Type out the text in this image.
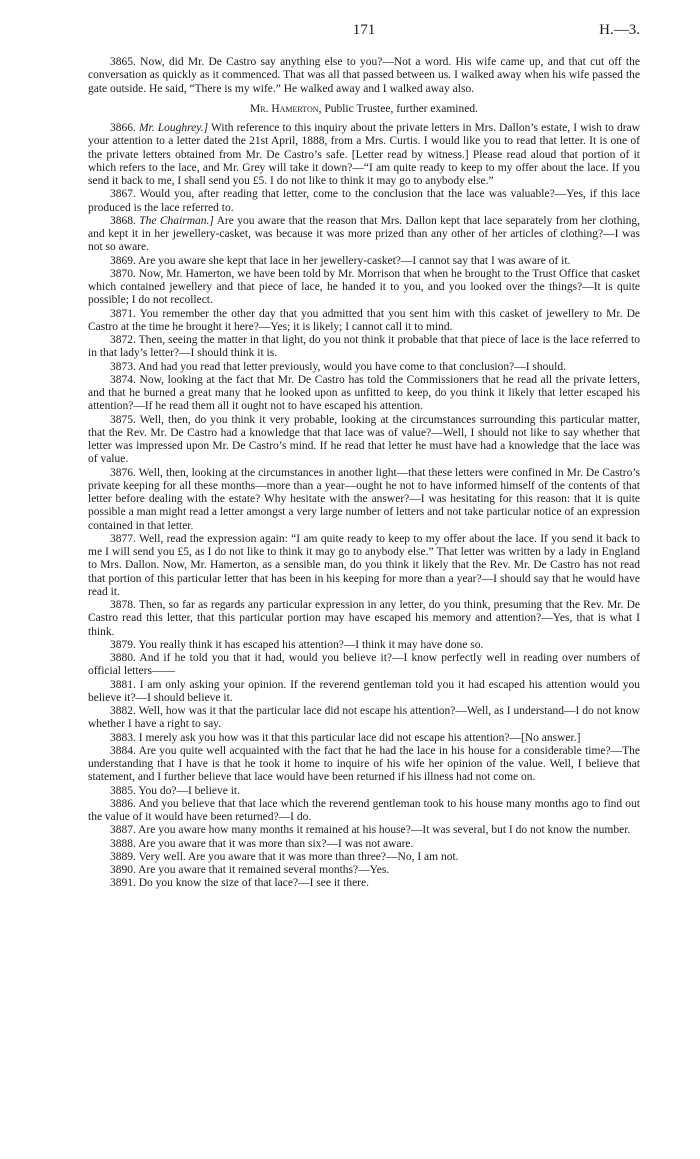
171	H.—3.

3865. Now, did Mr. De Castro say anything else to you?—Not a word. His wife came up, and that cut off the conversation as quickly as it commenced. That was all that passed between us. I walked away when his wife passed the gate outside. He said, “There is my wife.” He walked away and I walked away also.

Mr. Hamerton, Public Trustee, further examined.

3866. Mr. Loughrey.] With reference to this inquiry about the private letters in Mrs. Dallon’s estate, I wish to draw your attention to a letter dated the 21st April, 1888, from a Mrs. Curtis. I would like you to read that letter. It is one of the private letters obtained from Mr. De Castro’s safe. [Letter read by witness.] Please read aloud that portion of it which refers to the lace, and Mr. Grey will take it down?—“I am quite ready to keep to my offer about the lace. If you send it back to me, I shall send you £5. I do not like to think it may go to anybody else.”

3867. Would you, after reading that letter, come to the conclusion that the lace was valuable?—Yes, if this lace produced is the lace referred to.

3868. The Chairman.] Are you aware that the reason that Mrs. Dallon kept that lace separately from her clothing, and kept it in her jewellery-casket, was because it was more prized than any other of her articles of clothing?—I was not so aware.

3869. Are you aware she kept that lace in her jewellery-casket?—I cannot say that I was aware of it.

3870. Now, Mr. Hamerton, we have been told by Mr. Morrison that when he brought to the Trust Office that casket which contained jewellery and that piece of lace, he handed it to you, and you looked over the things?—It is quite possible; I do not recollect.

3871. You remember the other day that you admitted that you sent him with this casket of jewellery to Mr. De Castro at the time he brought it here?—Yes; it is likely; I cannot call it to mind.

3872. Then, seeing the matter in that light, do you not think it probable that that piece of lace is the lace referred to in that lady’s letter?—I should think it is.

3873. And had you read that letter previously, would you have come to that conclusion?—I should.

3874. Now, looking at the fact that Mr. De Castro has told the Commissioners that he read all the private letters, and that he burned a great many that he looked upon as unfitted to keep, do you think it likely that letter escaped his attention?—If he read them all it ought not to have escaped his attention.

3875. Well, then, do you think it very probable, looking at the circumstances surrounding this particular matter, that the Rev. Mr. De Castro had a knowledge that that lace was of value?—Well, I should not like to say whether that letter was impressed upon Mr. De Castro’s mind. If he read that letter he must have had a knowledge that the lace was of value.

3876. Well, then, looking at the circumstances in another light—that these letters were confined in Mr. De Castro’s private keeping for all these months—more than a year—ought he not to have informed himself of the contents of that letter before dealing with the estate? Why hesitate with the answer?—I was hesitating for this reason: that it is quite possible a man might read a letter amongst a very large number of letters and not take particular notice of an expression contained in that letter.

3877. Well, read the expression again: “I am quite ready to keep to my offer about the lace. If you send it back to me I will send you £5, as I do not like to think it may go to anybody else.” That letter was written by a lady in England to Mrs. Dallon. Now, Mr. Hamerton, as a sensible man, do you think it likely that the Rev. Mr. De Castro has not read that portion of this particular letter that has been in his keeping for more than a year?—I should say that he would have read it.

3878. Then, so far as regards any particular expression in any letter, do you think, presuming that the Rev. Mr. De Castro read this letter, that this particular portion may have escaped his memory and attention?—Yes, that is what I think.

3879. You really think it has escaped his attention?—I think it may have done so.

3880. And if he told you that it had, would you believe it?—I know perfectly well in reading over numbers of official letters——

3881. I am only asking your opinion. If the reverend gentleman told you it had escaped his attention would you believe it?—I should believe it.

3882. Well, how was it that the particular lace did not escape his attention?—Well, as I understand—I do not know whether I have a right to say.

3883. I merely ask you how was it that this particular lace did not escape his attention?—[No answer.]

3884. Are you quite well acquainted with the fact that he had the lace in his house for a considerable time?—The understanding that I have is that he took it home to inquire of his wife her opinion of the value. Well, I believe that statement, and I further believe that lace would have been returned if his illness had not come on.

3885. You do?—I believe it.

3886. And you believe that that lace which the reverend gentleman took to his house many months ago to find out the value of it would have been returned?—I do.

3887. Are you aware how many months it remained at his house?—It was several, but I do not know the number.

3888. Are you aware that it was more than six?—I was not aware.

3889. Very well. Are you aware that it was more than three?—No, I am not.

3890. Are you aware that it remained several months?—Yes.

3891. Do you know the size of that lace?—I see it there.
